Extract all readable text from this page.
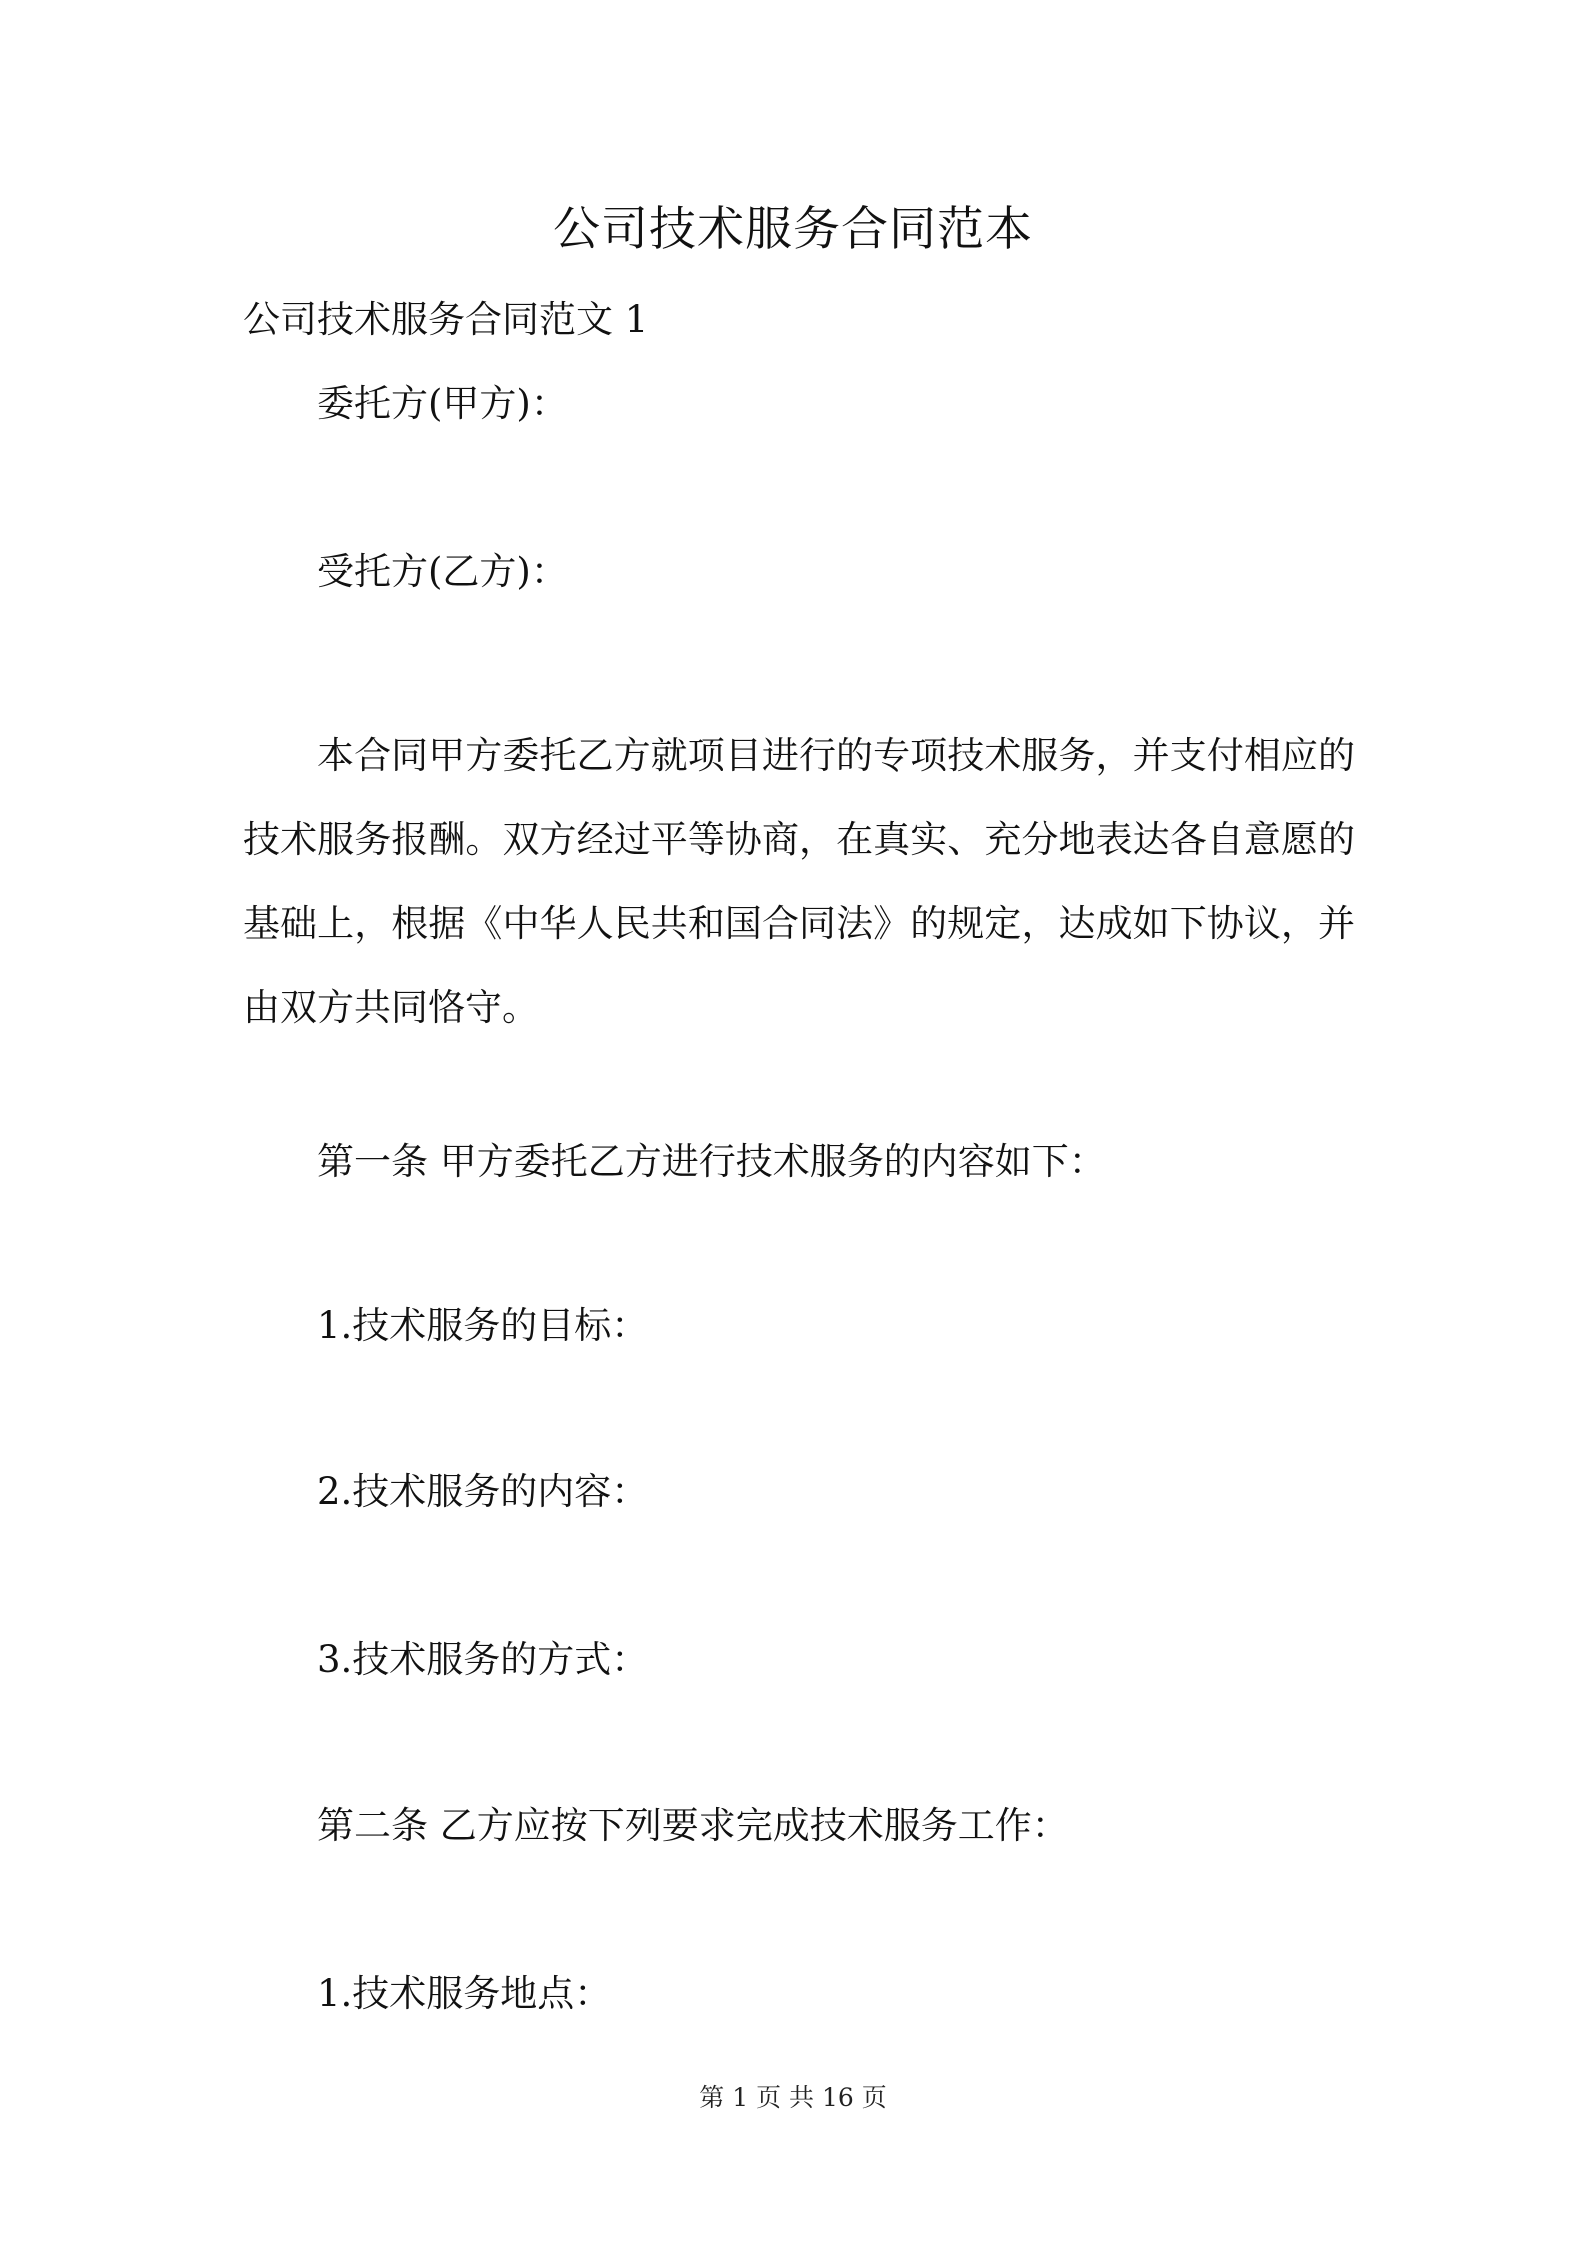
公司技术服务合同范本
公司技术服务合同范文 1
委托方(甲方)：
受托方(乙方)：

本合同甲方委托乙方就项目进行的专项技术服务，并支付相应的技术服务报酬。双方经过平等协商，在真实、充分地表达各自意愿的基础上，根据《中华人民共和国合同法》的规定，达成如下协议，并由双方共同恪守。

第一条 甲方委托乙方进行技术服务的内容如下：
1.技术服务的目标：
2.技术服务的内容：
3.技术服务的方式：
第二条 乙方应按下列要求完成技术服务工作：
1.技术服务地点：
第 1 页 共 16 页
